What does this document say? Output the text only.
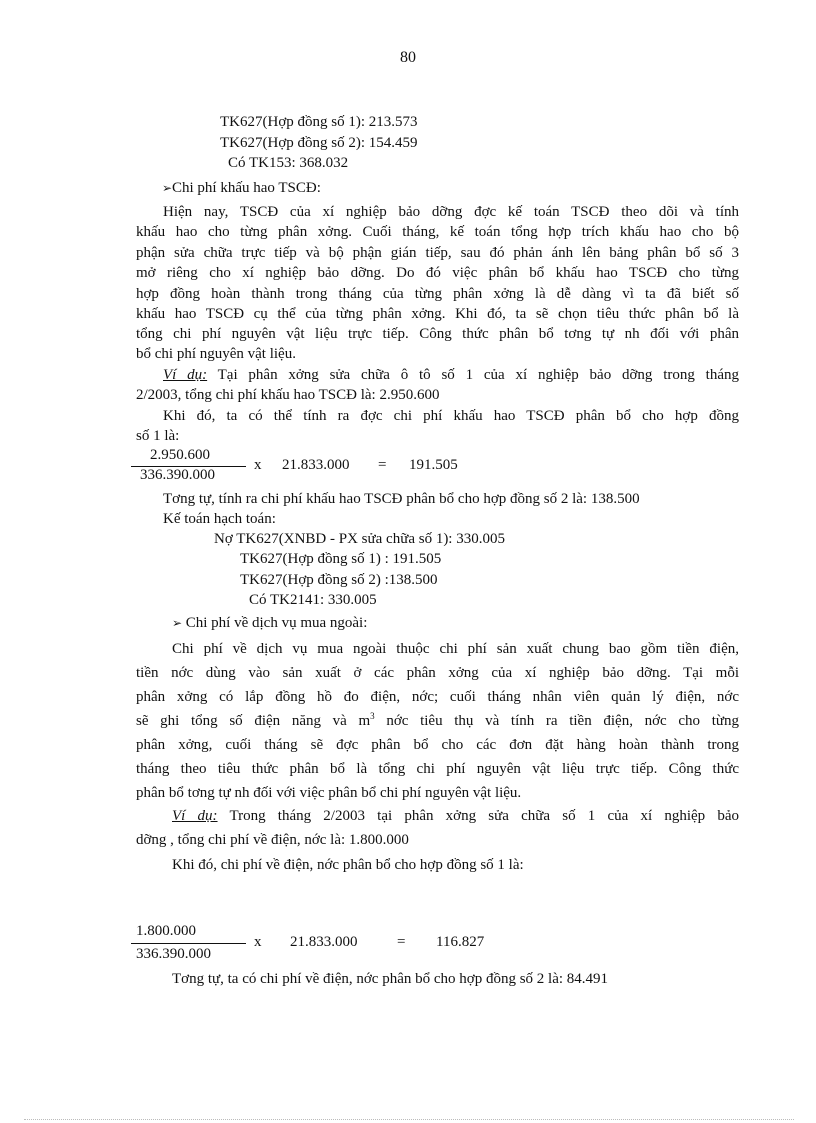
80
TK627(Hợp đồng số 1): 213.573
TK627(Hợp đồng số 2): 154.459
Có TK153: 368.032
➢Chi phí khấu hao TSCĐ:
Hiện nay, TSCĐ của xí nghiệp bảo dỡng đợc kế toán TSCĐ theo dõi và tính
khấu hao cho từng phân xởng. Cuối tháng, kế toán tổng hợp trích khấu hao cho bộ
phận sửa chữa trực tiếp và bộ phận gián tiếp, sau đó phản ánh lên bảng phân bổ số 3
mở riêng cho xí nghiệp bảo dỡng. Do đó việc phân bổ khấu hao TSCĐ cho từng
hợp đồng hoàn thành trong tháng của từng phân xởng là dễ dàng vì ta đã biết số
khấu hao TSCĐ cụ thể của từng phân xởng. Khi đó, ta sẽ chọn tiêu thức phân bổ là
tổng chi phí nguyên vật liệu trực tiếp. Công thức phân bổ tơng tự nh đối với phân
bổ chi phí nguyên vật liệu.
Ví dụ: Tại phân xởng sửa chữa ô tô số 1 của xí nghiệp bảo dỡng trong tháng
2/2003, tổng chi phí khấu hao TSCĐ là: 2.950.600
Khi đó, ta có thể tính ra đợc chi phí khấu hao TSCĐ phân bổ cho hợp đồng
số 1 là:
2.950.600
336.390.000
x 21.833.000 = 191.505
Tơng tự, tính ra chi phí khấu hao TSCĐ phân bổ cho hợp đồng số 2 là: 138.500
Kế toán hạch toán:
Nợ TK627(XNBD - PX sửa chữa số 1): 330.005
TK627(Hợp đồng số 1) : 191.505
TK627(Hợp đồng số 2) :138.500
Có TK2141: 330.005
➢ Chi phí về dịch vụ mua ngoài:
Chi phí về dịch vụ mua ngoài thuộc chi phí sản xuất chung bao gồm tiền điện,
tiền nớc dùng vào sản xuất ở các phân xởng của xí nghiệp bảo dỡng. Tại mỗi
phân xởng có lắp đồng hồ đo điện, nớc; cuối tháng nhân viên quản lý điện, nớc
sẽ ghi tổng số điện năng và $m^3$ nớc tiêu thụ và tính ra tiền điện, nớc cho từng
phân xởng, cuối tháng sẽ đợc phân bổ cho các đơn đặt hàng hoàn thành trong
tháng theo tiêu thức phân bổ là tổng chi phí nguyên vật liệu trực tiếp. Công thức
phân bổ tơng tự nh đối với việc phân bổ chi phí nguyên vật liệu.
Ví dụ: Trong tháng 2/2003 tại phân xởng sửa chữa số 1 của xí nghiệp bảo
dỡng , tổng chi phí về điện, nớc là: 1.800.000
Khi đó, chi phí về điện, nớc phân bổ cho hợp đồng số 1 là:
1.800.000
336.390.000
x 21.833.000	= 116.827
Tơng tự, ta có chi phí về điện, nớc phân bổ cho hợp đồng số 2 là: 84.491
